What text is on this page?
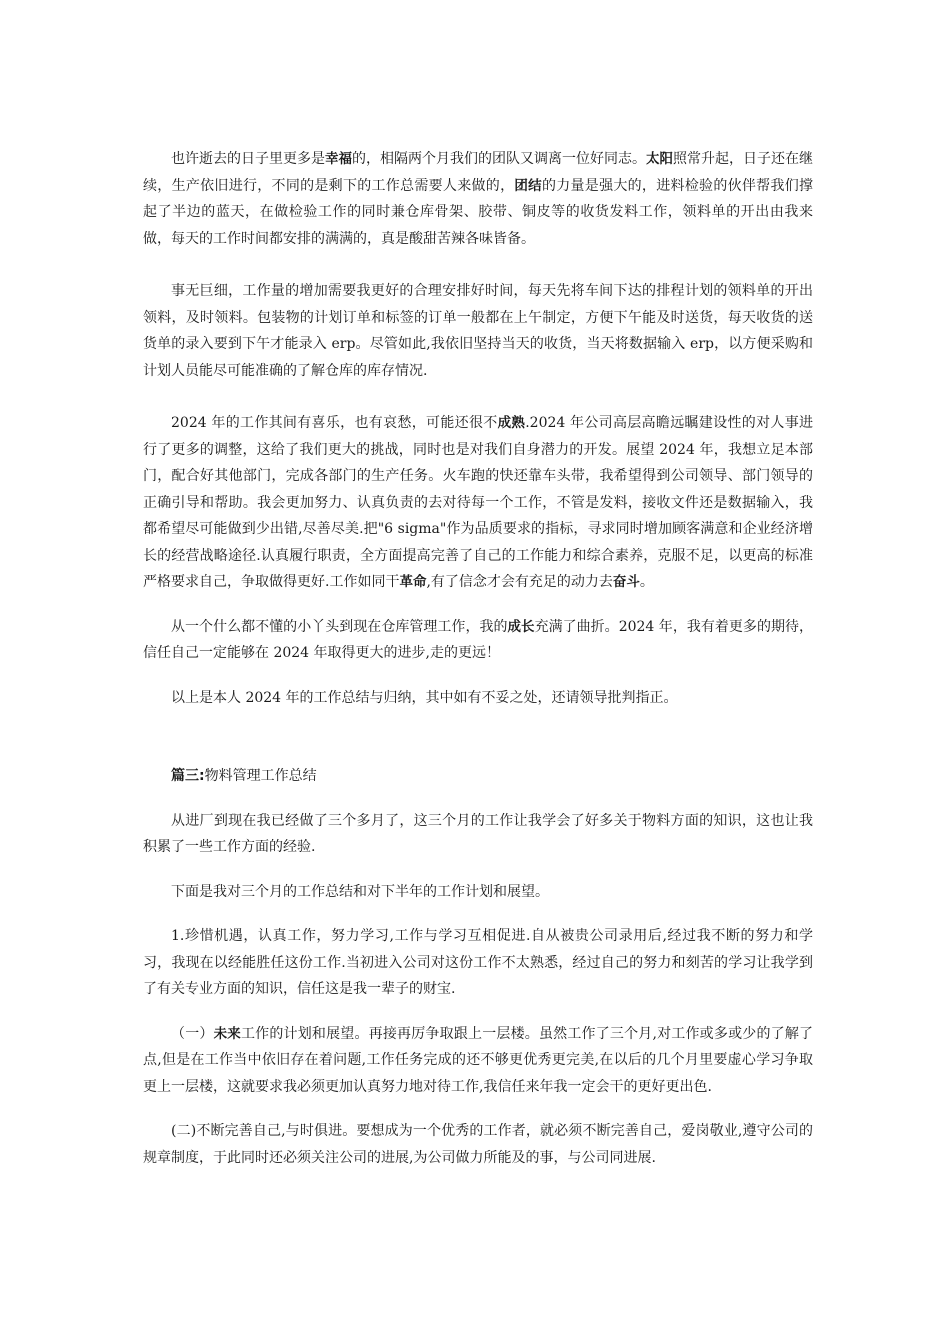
也许逝去的日子里更多是幸福的，相隔两个月我们的团队又调离一位好同志。太阳照常升起，日子还在继续，生产依旧进行，不同的是剩下的工作总需要人来做的，团结的力量是强大的，进料检验的伙伴帮我们撑起了半边的蓝天，在做检验工作的同时兼仓库骨架、胶带、铜皮等的收货发料工作，领料单的开出由我来做，每天的工作时间都安排的满满的，真是酸甜苦辣各味皆备。

事无巨细，工作量的增加需要我更好的合理安排好时间，每天先将车间下达的排程计划的领料单的开出领料，及时领料。包装物的计划订单和标签的订单一般都在上午制定，方便下午能及时送货，每天收货的送货单的录入要到下午才能录入 erp。尽管如此,我依旧坚持当天的收货，当天将数据输入 erp，以方便采购和计划人员能尽可能准确的了解仓库的库存情况.

2024 年的工作其间有喜乐，也有哀愁，可能还很不成熟.2024 年公司高层高瞻远瞩建设性的对人事进行了更多的调整，这给了我们更大的挑战，同时也是对我们自身潜力的开发。展望 2024 年，我想立足本部门，配合好其他部门，完成各部门的生产任务。火车跑的快还靠车头带，我希望得到公司领导、部门领导的正确引导和帮助。我会更加努力、认真负责的去对待每一个工作，不管是发料，接收文件还是数据输入，我都希望尽可能做到少出错,尽善尽美.把"6 sigma"作为品质要求的指标，寻求同时增加顾客满意和企业经济增长的经营战略途径.认真履行职责，全方面提高完善了自己的工作能力和综合素养，克服不足，以更高的标准严格要求自己，争取做得更好.工作如同干革命,有了信念才会有充足的动力去奋斗。

从一个什么都不懂的小丫头到现在仓库管理工作，我的成长充满了曲折。2024 年，我有着更多的期待，信任自己一定能够在 2024 年取得更大的进步,走的更远！

以上是本人 2024 年的工作总结与归纳，其中如有不妥之处，还请领导批判指正。

篇三:物料管理工作总结

从进厂到现在我已经做了三个多月了，这三个月的工作让我学会了好多关于物料方面的知识，这也让我积累了一些工作方面的经验.

下面是我对三个月的工作总结和对下半年的工作计划和展望。

1.珍惜机遇，认真工作，努力学习,工作与学习互相促进.自从被贵公司录用后,经过我不断的努力和学习，我现在以经能胜任这份工作.当初进入公司对这份工作不太熟悉，经过自己的努力和刻苦的学习让我学到了有关专业方面的知识，信任这是我一辈子的财宝.

（一）未来工作的计划和展望。再接再厉争取跟上一层楼。虽然工作了三个月,对工作或多或少的了解了点,但是在工作当中依旧存在着问题,工作任务完成的还不够更优秀更完美,在以后的几个月里要虚心学习争取更上一层楼，这就要求我必须更加认真努力地对待工作,我信任来年我一定会干的更好更出色.

(二)不断完善自己,与时俱进。要想成为一个优秀的工作者，就必须不断完善自己，爱岗敬业,遵守公司的规章制度，于此同时还必须关注公司的进展,为公司做力所能及的事，与公司同进展.
